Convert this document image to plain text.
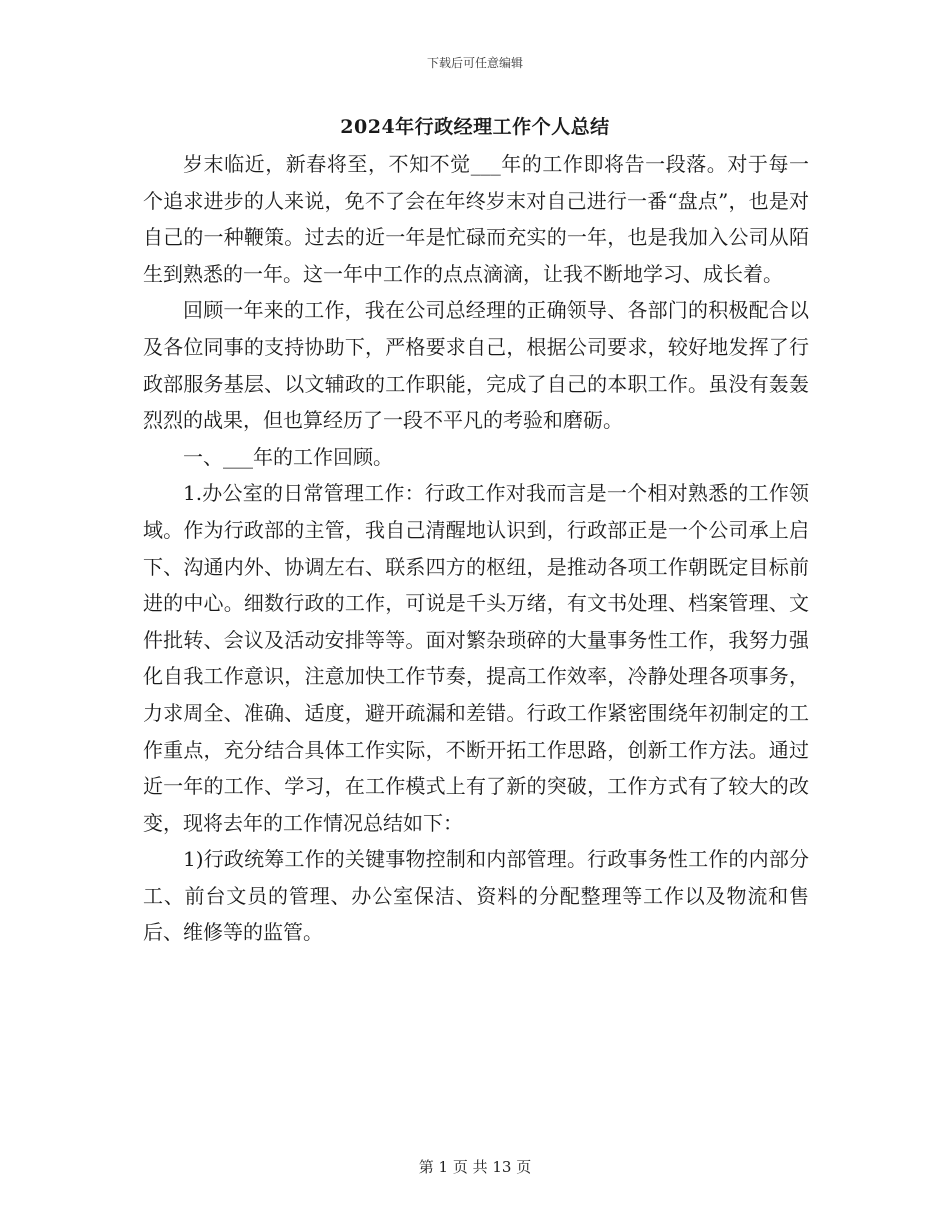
下载后可任意编辑
2024年行政经理工作个人总结

岁末临近，新春将至，不知不觉___年的工作即将告一段落。对于每一个追求进步的人来说，免不了会在年终岁末对自己进行一番“盘点”，也是对自己的一种鞭策。过去的近一年是忙碌而充实的一年，也是我加入公司从陌生到熟悉的一年。这一年中工作的点点滴滴，让我不断地学习、成长着。

回顾一年来的工作，我在公司总经理的正确领导、各部门的积极配合以及各位同事的支持协助下，严格要求自己，根据公司要求，较好地发挥了行政部服务基层、以文辅政的工作职能，完成了自己的本职工作。虽没有轰轰烈烈的战果，但也算经历了一段不平凡的考验和磨砺。

一、___年的工作回顾。

1.办公室的日常管理工作：行政工作对我而言是一个相对熟悉的工作领域。作为行政部的主管，我自己清醒地认识到，行政部正是一个公司承上启下、沟通内外、协调左右、联系四方的枢纽，是推动各项工作朝既定目标前进的中心。细数行政的工作，可说是千头万绪，有文书处理、档案管理、文件批转、会议及活动安排等等。面对繁杂琐碎的大量事务性工作，我努力强化自我工作意识，注意加快工作节奏，提高工作效率，冷静处理各项事务，力求周全、准确、适度，避开疏漏和差错。行政工作紧密围绕年初制定的工作重点，充分结合具体工作实际，不断开拓工作思路，创新工作方法。通过近一年的工作、学习，在工作模式上有了新的突破，工作方式有了较大的改变，现将去年的工作情况总结如下：

1)行政统筹工作的关键事物控制和内部管理。行政事务性工作的内部分工、前台文员的管理、办公室保洁、资料的分配整理等工作以及物流和售后、维修等的监管。

第 1 页 共 13 页
